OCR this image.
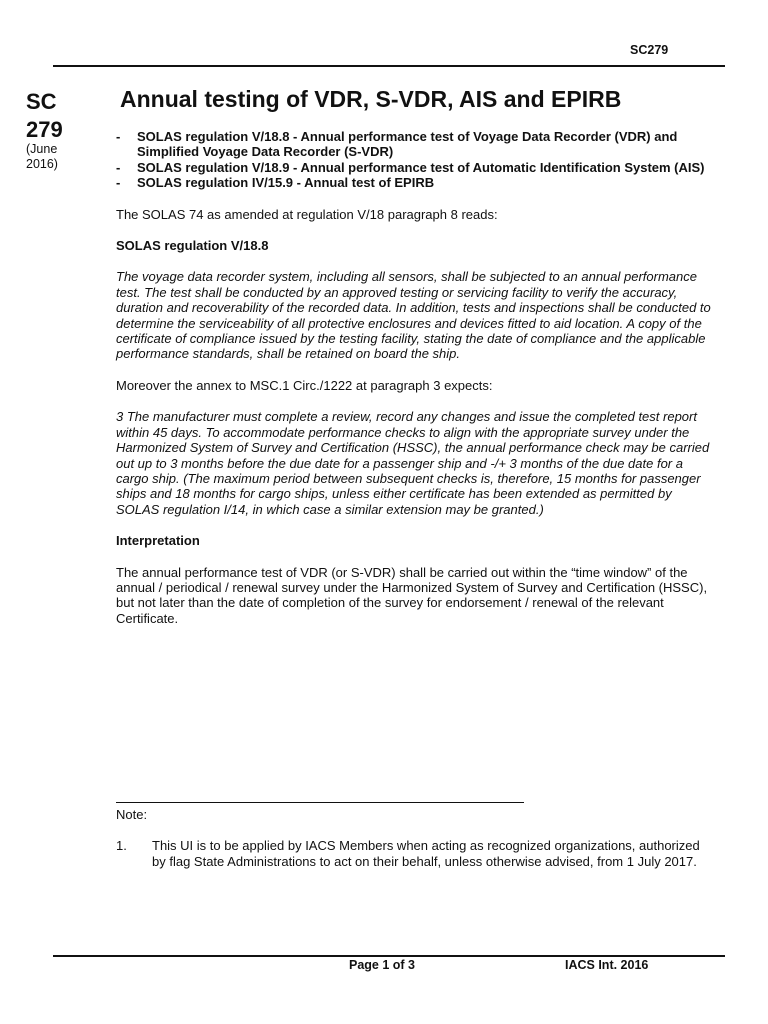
SC279
SC
279
(June
2016)
Annual testing of VDR, S-VDR, AIS and EPIRB
- SOLAS regulation V/18.8 - Annual performance test of Voyage Data Recorder (VDR) and Simplified Voyage Data Recorder (S-VDR)
- SOLAS regulation V/18.9 - Annual performance test of Automatic Identification System (AIS)
- SOLAS regulation IV/15.9 - Annual test of EPIRB

The SOLAS 74 as amended at regulation V/18 paragraph 8 reads:

SOLAS regulation V/18.8

The voyage data recorder system, including all sensors, shall be subjected to an annual performance test. The test shall be conducted by an approved testing or servicing facility to verify the accuracy, duration and recoverability of the recorded data. In addition, tests and inspections shall be conducted to determine the serviceability of all protective enclosures and devices fitted to aid location. A copy of the certificate of compliance issued by the testing facility, stating the date of compliance and the applicable performance standards, shall be retained on board the ship.

Moreover the annex to MSC.1 Circ./1222 at paragraph 3 expects:

3 The manufacturer must complete a review, record any changes and issue the completed test report within 45 days. To accommodate performance checks to align with the appropriate survey under the Harmonized System of Survey and Certification (HSSC), the annual performance check may be carried out up to 3 months before the due date for a passenger ship and -/+ 3 months of the due date for a cargo ship. (The maximum period between subsequent checks is, therefore, 15 months for passenger ships and 18 months for cargo ships, unless either certificate has been extended as permitted by SOLAS regulation I/14, in which case a similar extension may be granted.)

Interpretation

The annual performance test of VDR (or S-VDR) shall be carried out within the “time window” of the annual / periodical / renewal survey under the Harmonized System of Survey and Certification (HSSC), but not later than the date of completion of the survey for endorsement / renewal of the relevant Certificate.

Note:
1. This UI is to be applied by IACS Members when acting as recognized organizations, authorized by flag State Administrations to act on their behalf, unless otherwise advised, from 1 July 2017.
Page 1 of 3	IACS Int. 2016
